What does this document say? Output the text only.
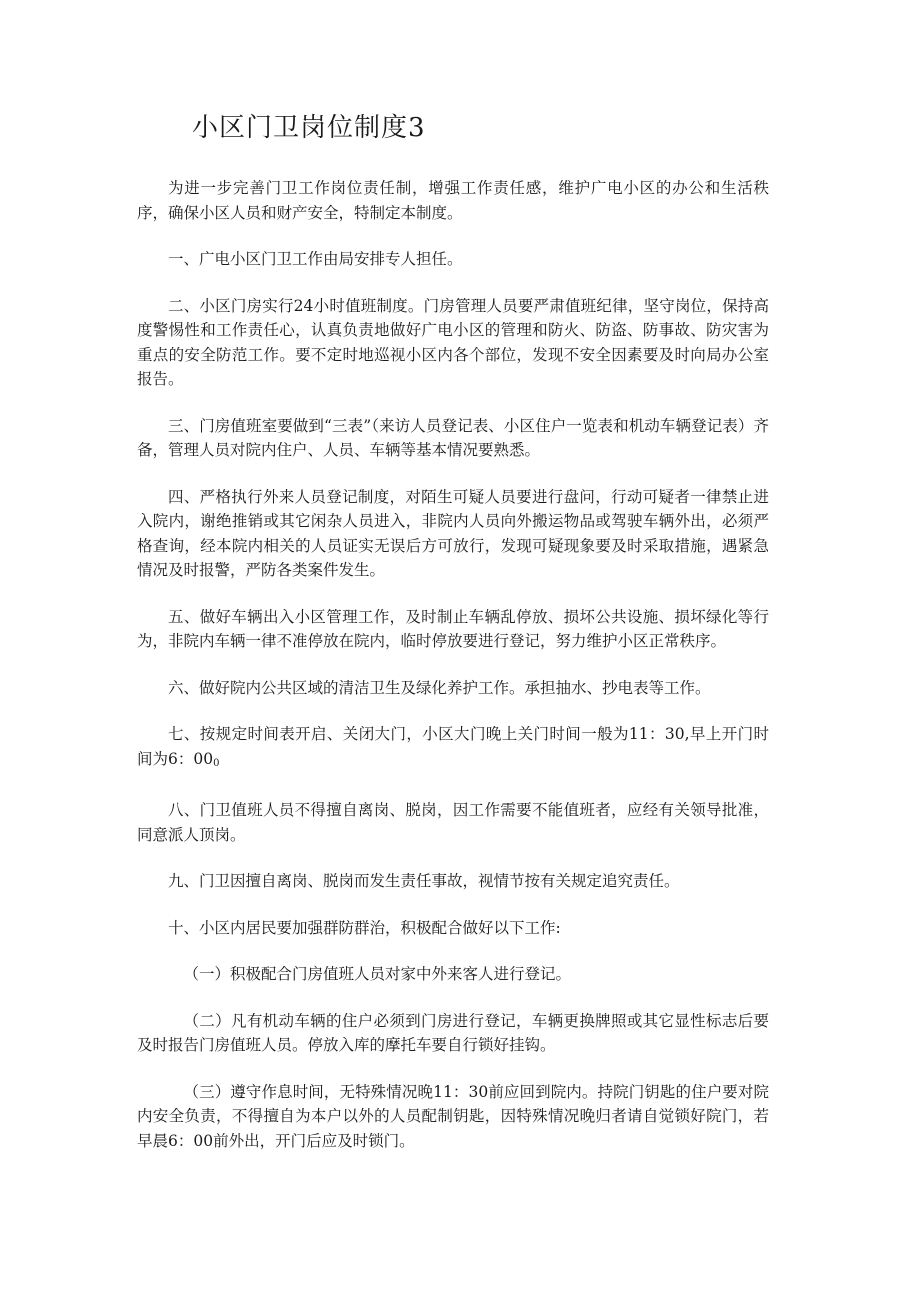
小区门卫岗位制度3

为进一步完善门卫工作岗位责任制，增强工作责任感，维护广电小区的办公和生活秩序，确保小区人员和财产安全，特制定本制度。

一、广电小区门卫工作由局安排专人担任。

二、小区门房实行24小时值班制度。门房管理人员要严肃值班纪律，坚守岗位，保持高度警惕性和工作责任心，认真负责地做好广电小区的管理和防火、防盗、防事故、防灾害为重点的安全防范工作。要不定时地巡视小区内各个部位，发现不安全因素要及时向局办公室报告。

三、门房值班室要做到“三表”（来访人员登记表、小区住户一览表和机动车辆登记表）齐备，管理人员对院内住户、人员、车辆等基本情况要熟悉。

四、严格执行外来人员登记制度，对陌生可疑人员要进行盘问，行动可疑者一律禁止进入院内，谢绝推销或其它闲杂人员进入，非院内人员向外搬运物品或驾驶车辆外出，必须严格查询，经本院内相关的人员证实无误后方可放行，发现可疑现象要及时采取措施，遇紧急情况及时报警，严防各类案件发生。

五、做好车辆出入小区管理工作，及时制止车辆乱停放、损坏公共设施、损坏绿化等行为，非院内车辆一律不准停放在院内，临时停放要进行登记，努力维护小区正常秩序。

六、做好院内公共区域的清洁卫生及绿化养护工作。承担抽水、抄电表等工作。

七、按规定时间表开启、关闭大门，小区大门晚上关门时间一般为11：30,早上开门时间为6：$00_0$

八、门卫值班人员不得擅自离岗、脱岗，因工作需要不能值班者，应经有关领导批准，同意派人顶岗。

九、门卫因擅自离岗、脱岗而发生责任事故，视情节按有关规定追究责任。

十、小区内居民要加强群防群治，积极配合做好以下工作:

（一）积极配合门房值班人员对家中外来客人进行登记。

（二）凡有机动车辆的住户必须到门房进行登记，车辆更换牌照或其它显性标志后要及时报告门房值班人员。停放入库的摩托车要自行锁好挂钩。

（三）遵守作息时间，无特殊情况晚11：30前应回到院内。持院门钥匙的住户要对院内安全负责，不得擅自为本户以外的人员配制钥匙，因特殊情况晚归者请自觉锁好院门，若早晨6：00前外出，开门后应及时锁门。
